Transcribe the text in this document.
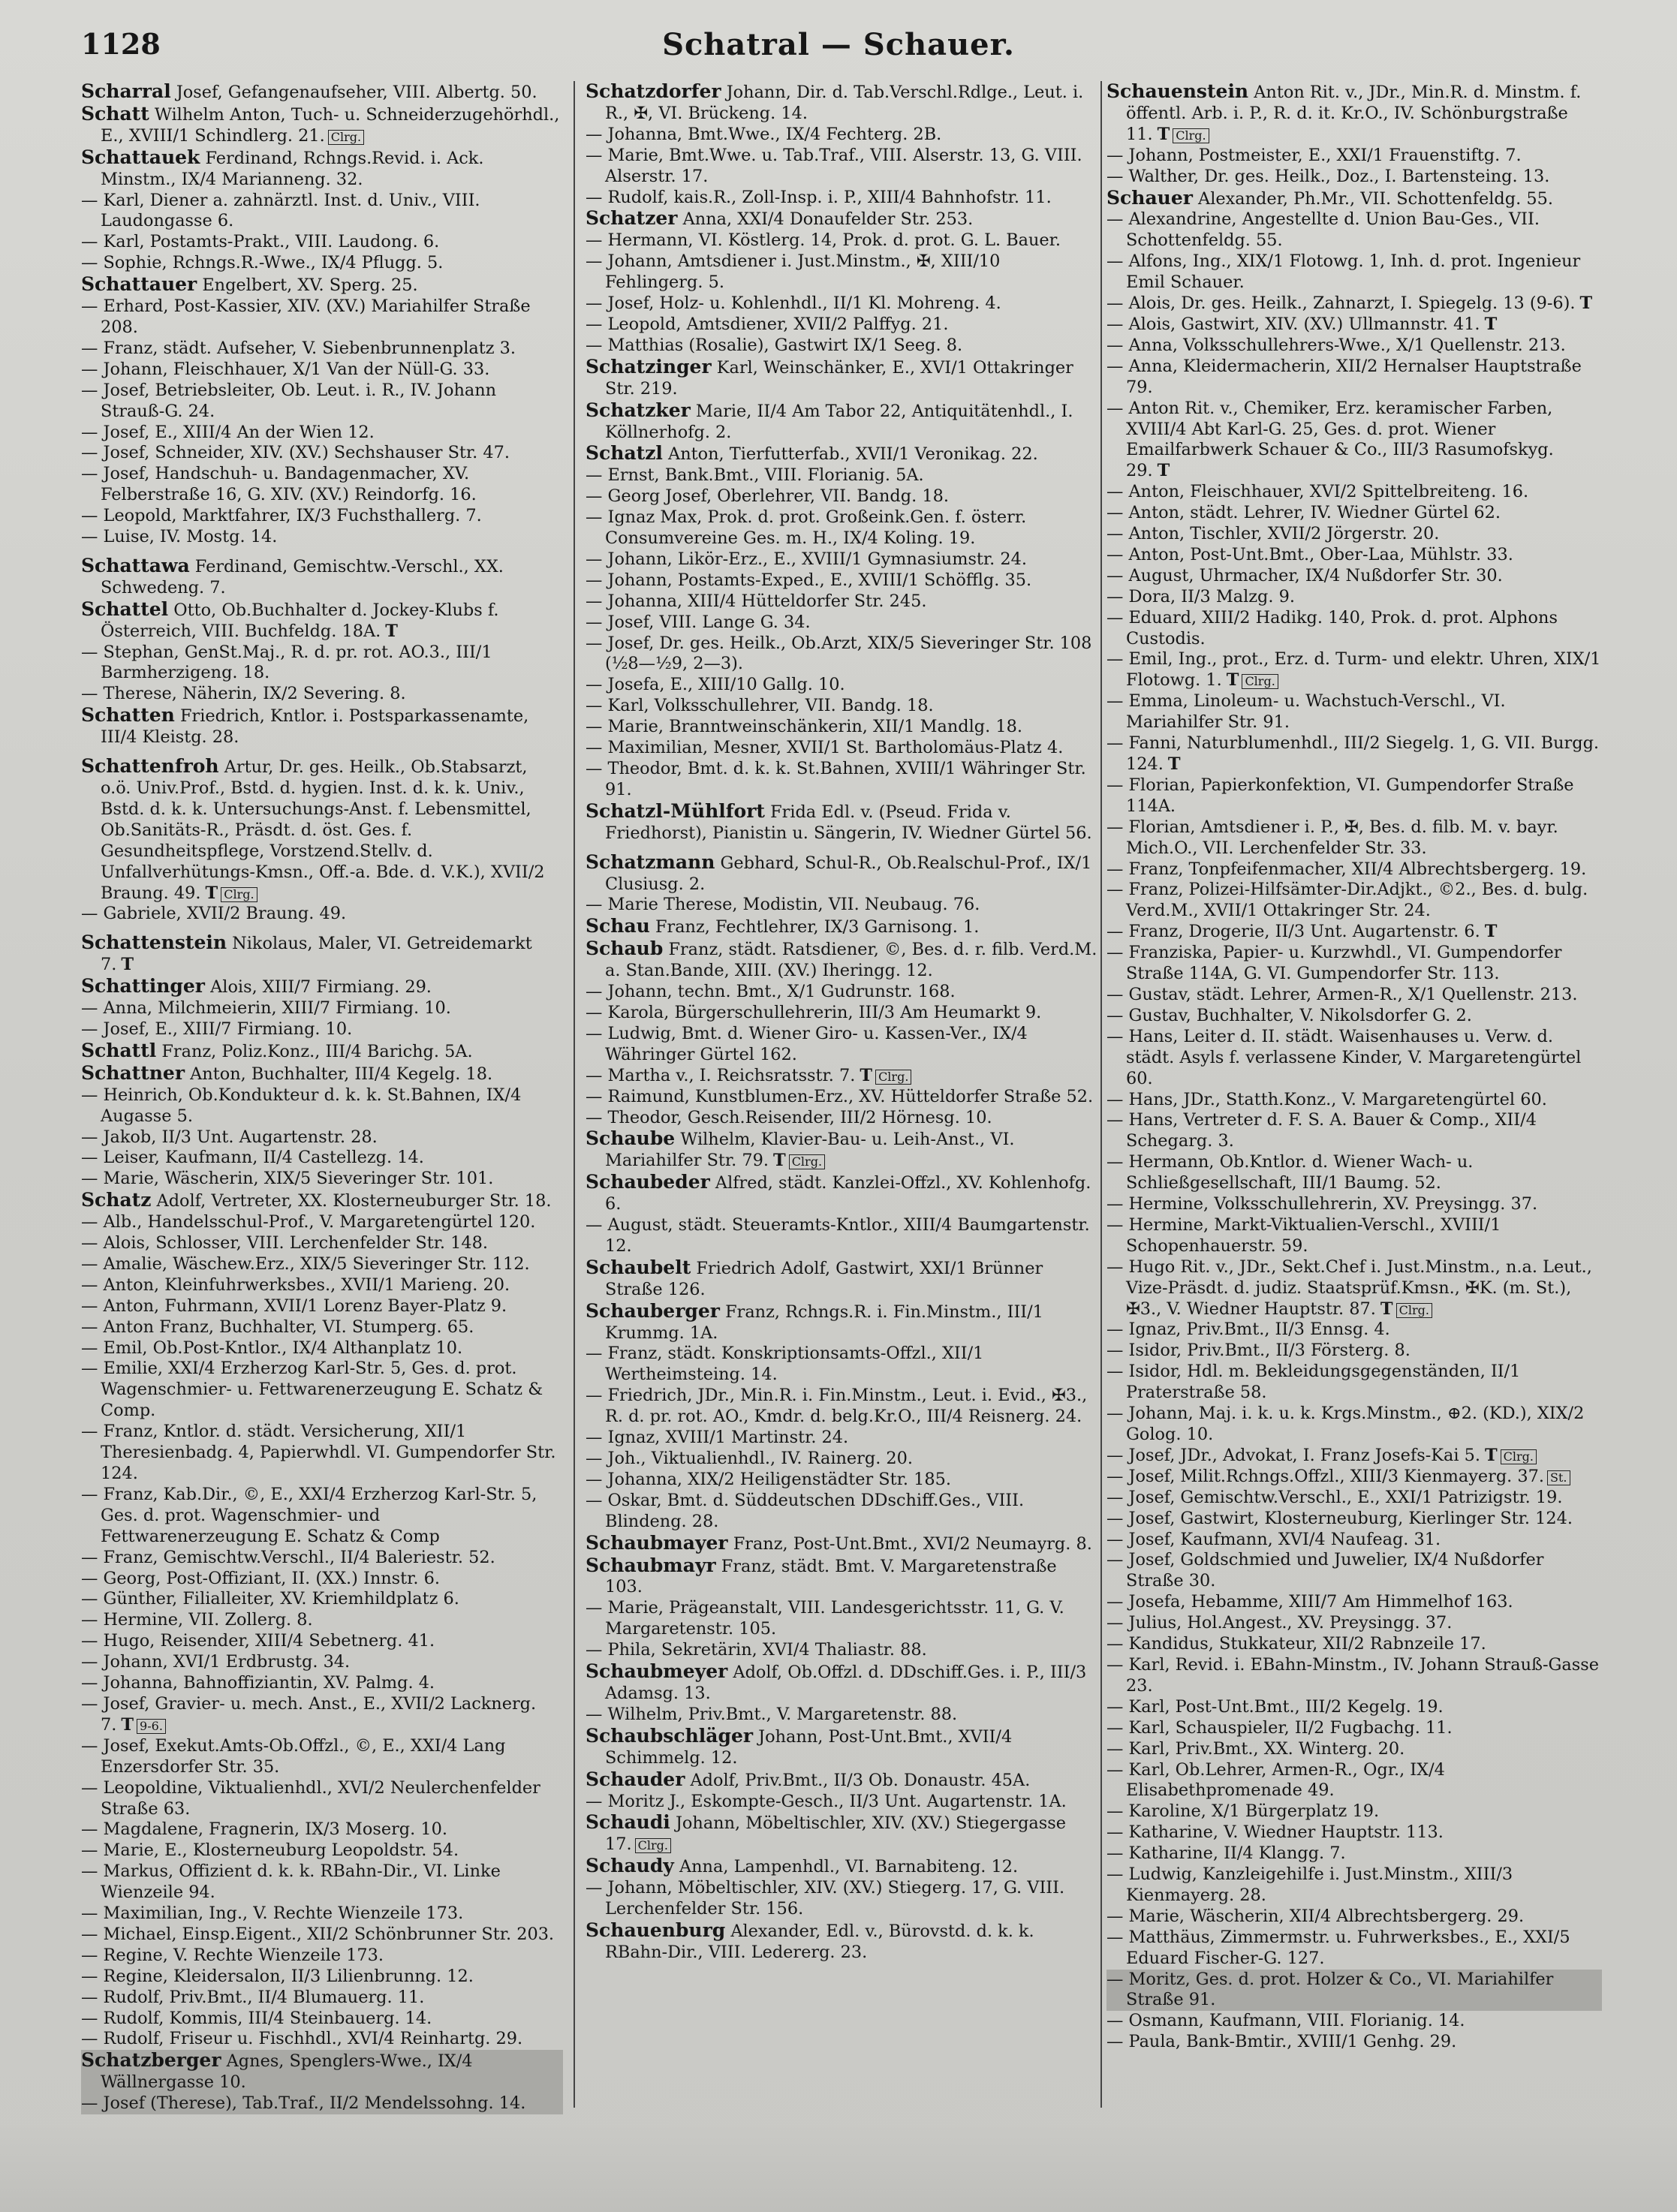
1128	Schatral — Schauer.
Scharral Josef, Gefangenaufseher, VIII. Albertg. 50.
Schatt Wilhelm Anton, Tuch- u. Schneiderzugehörhdl., E., XVIII/1 Schindlerg. 21. Clrg.
Schattauek Ferdinand, Rchngs.Revid. i. Ack. Minstm., IX/4 Marianneng. 32.
— Karl, Diener a. zahnärztl. Inst. d. Univ., VIII. Laudongasse 6.
— Karl, Postamts-Prakt., VIII. Laudong. 6.
— Sophie, Rchngs.R.-Wwe., IX/4 Pflugg. 5.
Schattauer Engelbert, XV. Sperg. 25.
— Erhard, Post-Kassier, XIV. (XV.) Mariahilfer Straße 208.
— Franz, städt. Aufseher, V. Siebenbrunnenplatz 3.
— Johann, Fleischhauer, X/1 Van der Nüll-G. 33.
— Josef, Betriebsleiter, Ob. Leut. i. R., IV. Johann Strauß-G. 24.
— Josef, E., XIII/4 An der Wien 12.
— Josef, Schneider, XIV. (XV.) Sechshauser Str. 47.
— Josef, Handschuh- u. Bandagenmacher, XV. Felberstraße 16, G. XIV. (XV.) Reindorfg. 16.
— Leopold, Marktfahrer, IX/3 Fuchsthallerg. 7.
— Luise, IV. Mostg. 14.
Schattawa Ferdinand, Gemischtw.-Verschl., XX. Schwedeng. 7.
Schattel Otto, Ob.Buchhalter d. Jockey-Klubs f. Österreich, VIII. Buchfeldg. 18A. T
— Stephan, GenSt.Maj., R. d. pr. rot. AO.3., III/1 Barmherzigeng. 18.
— Therese, Näherin, IX/2 Severing. 8.
Schatten Friedrich, Kntlor. i. Postsparkassenamte, III/4 Kleistg. 28.
Schattenfroh Artur, Dr. ges. Heilk., Ob.Stabsarzt, o.ö. Univ.Prof., Bstd. d. hygien. Inst. d. k. k. Univ., Bstd. d. k. k. Untersuchungs-Anst. f. Lebensmittel, Ob.Sanitäts-R., Präsdt. d. öst. Ges. f. Gesundheitspflege, Vorstzend.Stellv. d. Unfallverhütungs-Kmsn., Off.-a. Bde. d. V.K.), XVII/2 Braung. 49. T Clrg.
— Gabriele, XVII/2 Braung. 49.
Schattenstein Nikolaus, Maler, VI. Getreidemarkt 7. T
Schattinger Alois, XIII/7 Firmiang. 29.
— Anna, Milchmeierin, XIII/7 Firmiang. 10.
— Josef, E., XIII/7 Firmiang. 10.
Schattl Franz, Poliz.Konz., III/4 Barichg. 5A.
Schattner Anton, Buchhalter, III/4 Kegelg. 18.
— Heinrich, Ob.Kondukteur d. k. k. St.Bahnen, IX/4 Augasse 5.
— Jakob, II/3 Unt. Augartenstr. 28.
— Leiser, Kaufmann, II/4 Castellezg. 14.
— Marie, Wäscherin, XIX/5 Sieveringer Str. 101.
Schatz Adolf, Vertreter, XX. Klosterneuburger Str. 18.
— Alb., Handelsschul-Prof., V. Margaretengürtel 120.
— Alois, Schlosser, VIII. Lerchenfelder Str. 148.
— Amalie, Wäschew.Erz., XIX/5 Sieveringer Str. 112.
— Anton, Kleinfuhrwerksbes., XVII/1 Marieng. 20.
— Anton, Fuhrmann, XVII/1 Lorenz Bayer-Platz 9.
— Anton Franz, Buchhalter, VI. Stumperg. 65.
— Emil, Ob.Post-Kntlor., IX/4 Althanplatz 10.
— Emilie, XXI/4 Erzherzog Karl-Str. 5, Ges. d. prot. Wagenschmier- u. Fettwarenerzeugung E. Schatz & Comp.
— Franz, Kntlor. d. städt. Versicherung, XII/1 Theresienbadg. 4, Papierwhdl. VI. Gumpendorfer Str. 124.
— Franz, Kab.Dir., ©, E., XXI/4 Erzherzog Karl-Str. 5, Ges. d. prot. Wagenschmier- und Fettwarenerzeugung E. Schatz & Comp
— Franz, Gemischtw.Verschl., II/4 Baleriestr. 52.
— Georg, Post-Offiziant, II. (XX.) Innstr. 6.
— Günther, Filialleiter, XV. Kriemhildplatz 6.
— Hermine, VII. Zollerg. 8.
— Hugo, Reisender, XIII/4 Sebetnerg. 41.
— Johann, XVI/1 Erdbrustg. 34.
— Johanna, Bahnoffiziantin, XV. Palmg. 4.
— Josef, Gravier- u. mech. Anst., E., XVII/2 Lacknerg. 7. T 9-6.
— Josef, Exekut.Amts-Ob.Offzl., ©, E., XXI/4 Lang Enzersdorfer Str. 35.
— Leopoldine, Viktualienhdl., XVI/2 Neulerchenfelder Straße 63.
— Magdalene, Fragnerin, IX/3 Moserg. 10.
— Marie, E., Klosterneuburg Leopoldstr. 54.
— Markus, Offizient d. k. k. RBahn-Dir., VI. Linke Wienzeile 94.
— Maximilian, Ing., V. Rechte Wienzeile 173.
— Michael, Einsp.Eigent., XII/2 Schönbrunner Str. 203.
— Regine, V. Rechte Wienzeile 173.
— Regine, Kleidersalon, II/3 Lilienbrunng. 12.
— Rudolf, Priv.Bmt., II/4 Blumauerg. 11.
— Rudolf, Kommis, III/4 Steinbauerg. 14.
— Rudolf, Friseur u. Fischhdl., XVI/4 Reinhartg. 29.
Schatzberger Agnes, Spenglers-Wwe., IX/4 Wällnergasse 10.
— Josef (Therese), Tab.Traf., II/2 Mendelssohng. 14.
Schatzdorfer Johann, Dir. d. Tab.Verschl.Rdlge., Leut. i. R., ✠, VI. Brückeng. 14.
— Johanna, Bmt.Wwe., IX/4 Fechterg. 2B.
— Marie, Bmt.Wwe. u. Tab.Traf., VIII. Alserstr. 13, G. VIII. Alserstr. 17.
— Rudolf, kais.R., Zoll-Insp. i. P., XIII/4 Bahnhofstr. 11.
Schatzer Anna, XXI/4 Donaufelder Str. 253.
— Hermann, VI. Köstlerg. 14, Prok. d. prot. G. L. Bauer.
— Johann, Amtsdiener i. Just.Minstm., ✠, XIII/10 Fehlingerg. 5.
— Josef, Holz- u. Kohlenhdl., II/1 Kl. Mohreng. 4.
— Leopold, Amtsdiener, XVII/2 Palffyg. 21.
— Matthias (Rosalie), Gastwirt IX/1 Seeg. 8.
Schatzinger Karl, Weinschänker, E., XVI/1 Ottakringer Str. 219.
Schatzker Marie, II/4 Am Tabor 22, Antiquitätenhdl., I. Köllnerhofg. 2.
Schatzl Anton, Tierfutterfab., XVII/1 Veronikag. 22.
— Ernst, Bank.Bmt., VIII. Florianig. 5A.
— Georg Josef, Oberlehrer, VII. Bandg. 18.
— Ignaz Max, Prok. d. prot. Großeink.Gen. f. österr. Consumvereine Ges. m. H., IX/4 Koling. 19.
— Johann, Likör-Erz., E., XVIII/1 Gymnasiumstr. 24.
— Johann, Postamts-Exped., E., XVIII/1 Schöfflg. 35.
— Johanna, XIII/4 Hütteldorfer Str. 245.
— Josef, VIII. Lange G. 34.
— Josef, Dr. ges. Heilk., Ob.Arzt, XIX/5 Sieveringer Str. 108 (½8—½9, 2—3).
— Josefa, E., XIII/10 Gallg. 10.
— Karl, Volksschullehrer, VII. Bandg. 18.
— Marie, Branntweinschänkerin, XII/1 Mandlg. 18.
— Maximilian, Mesner, XVII/1 St. Bartholomäus-Platz 4.
— Theodor, Bmt. d. k. k. St.Bahnen, XVIII/1 Währinger Str. 91.
Schatzl-Mühlfort Frida Edl. v. (Pseud. Frida v. Friedhorst), Pianistin u. Sängerin, IV. Wiedner Gürtel 56.
Schatzmann Gebhard, Schul-R., Ob.Realschul-Prof., IX/1 Clusiusg. 2.
— Marie Therese, Modistin, VII. Neubaug. 76.
Schau Franz, Fechtlehrer, IX/3 Garnisong. 1.
Schaub Franz, städt. Ratsdiener, ©, Bes. d. r. filb. Verd.M. a. Stan.Bande, XIII. (XV.) Iheringg. 12.
— Johann, techn. Bmt., X/1 Gudrunstr. 168.
— Karola, Bürgerschullehrerin, III/3 Am Heumarkt 9.
— Ludwig, Bmt. d. Wiener Giro- u. Kassen-Ver., IX/4 Währinger Gürtel 162.
— Martha v., I. Reichsratsstr. 7. T Clrg.
— Raimund, Kunstblumen-Erz., XV. Hütteldorfer Straße 52.
— Theodor, Gesch.Reisender, III/2 Hörnesg. 10.
Schaube Wilhelm, Klavier-Bau- u. Leih-Anst., VI. Mariahilfer Str. 79. T Clrg.
Schaubeder Alfred, städt. Kanzlei-Offzl., XV. Kohlenhofg. 6.
— August, städt. Steueramts-Kntlor., XIII/4 Baumgartenstr. 12.
Schaubelt Friedrich Adolf, Gastwirt, XXI/1 Brünner Straße 126.
Schauberger Franz, Rchngs.R. i. Fin.Minstm., III/1 Krummg. 1A.
— Franz, städt. Konskriptionsamts-Offzl., XII/1 Wertheimsteing. 14.
— Friedrich, JDr., Min.R. i. Fin.Minstm., Leut. i. Evid., ✠3., R. d. pr. rot. AO., Kmdr. d. belg.Kr.O., III/4 Reisnerg. 24.
— Ignaz, XVIII/1 Martinstr. 24.
— Joh., Viktualienhdl., IV. Rainerg. 20.
— Johanna, XIX/2 Heiligenstädter Str. 185.
— Oskar, Bmt. d. Süddeutschen DDschiff.Ges., VIII. Blindeng. 28.
Schaubmayer Franz, Post-Unt.Bmt., XVI/2 Neumayrg. 8.
Schaubmayr Franz, städt. Bmt. V. Margaretenstraße 103.
— Marie, Prägeanstalt, VIII. Landesgerichtsstr. 11, G. V. Margaretenstr. 105.
— Phila, Sekretärin, XVI/4 Thaliastr. 88.
Schaubmeyer Adolf, Ob.Offzl. d. DDschiff.Ges. i. P., III/3 Adamsg. 13.
— Wilhelm, Priv.Bmt., V. Margaretenstr. 88.
Schaubschläger Johann, Post-Unt.Bmt., XVII/4 Schimmelg. 12.
Schauder Adolf, Priv.Bmt., II/3 Ob. Donaustr. 45A.
— Moritz J., Eskompte-Gesch., II/3 Unt. Augartenstr. 1A.
Schaudi Johann, Möbeltischler, XIV. (XV.) Stiegergasse 17. Clrg.
Schaudy Anna, Lampenhdl., VI. Barnabiteng. 12.
— Johann, Möbeltischler, XIV. (XV.) Stiegerg. 17, G. VIII. Lerchenfelder Str. 156.
Schauenburg Alexander, Edl. v., Bürovstd. d. k. k. RBahn-Dir., VIII. Ledererg. 23.
Schauenstein Anton Rit. v., JDr., Min.R. d. Minstm. f. öffentl. Arb. i. P., R. d. it. Kr.O., IV. Schönburgstraße 11. T Clrg.
— Johann, Postmeister, E., XXI/1 Frauenstiftg. 7.
— Walther, Dr. ges. Heilk., Doz., I. Bartensteing. 13.
Schauer Alexander, Ph.Mr., VII. Schottenfeldg. 55.
— Alexandrine, Angestellte d. Union Bau-Ges., VII. Schottenfeldg. 55.
— Alfons, Ing., XIX/1 Flotowg. 1, Inh. d. prot. Ingenieur Emil Schauer.
— Alois, Dr. ges. Heilk., Zahnarzt, I. Spiegelg. 13 (9-6). T
— Alois, Gastwirt, XIV. (XV.) Ullmannstr. 41. T
— Anna, Volksschullehrers-Wwe., X/1 Quellenstr. 213.
— Anna, Kleidermacherin, XII/2 Hernalser Hauptstraße 79.
— Anton Rit. v., Chemiker, Erz. keramischer Farben, XVIII/4 Abt Karl-G. 25, Ges. d. prot. Wiener Emailfarbwerk Schauer & Co., III/3 Rasumofskyg. 29. T
— Anton, Fleischhauer, XVI/2 Spittelbreiteng. 16.
— Anton, städt. Lehrer, IV. Wiedner Gürtel 62.
— Anton, Tischler, XVII/2 Jörgerstr. 20.
— Anton, Post-Unt.Bmt., Ober-Laa, Mühlstr. 33.
— August, Uhrmacher, IX/4 Nußdorfer Str. 30.
— Dora, II/3 Malzg. 9.
— Eduard, XIII/2 Hadikg. 140, Prok. d. prot. Alphons Custodis.
— Emil, Ing., prot., Erz. d. Turm- und elektr. Uhren, XIX/1 Flotowg. 1. T Clrg.
— Emma, Linoleum- u. Wachstuch-Verschl., VI. Mariahilfer Str. 91.
— Fanni, Naturblumenhdl., III/2 Siegelg. 1, G. VII. Burgg. 124. T
— Florian, Papierkonfektion, VI. Gumpendorfer Straße 114A.
— Florian, Amtsdiener i. P., ✠, Bes. d. filb. M. v. bayr. Mich.O., VII. Lerchenfelder Str. 33.
— Franz, Tonpfeifenmacher, XII/4 Albrechtsbergerg. 19.
— Franz, Polizei-Hilfsämter-Dir.Adjkt., ©2., Bes. d. bulg. Verd.M., XVII/1 Ottakringer Str. 24.
— Franz, Drogerie, II/3 Unt. Augartenstr. 6. T
— Franziska, Papier- u. Kurzwhdl., VI. Gumpendorfer Straße 114A, G. VI. Gumpendorfer Str. 113.
— Gustav, städt. Lehrer, Armen-R., X/1 Quellenstr. 213.
— Gustav, Buchhalter, V. Nikolsdorfer G. 2.
— Hans, Leiter d. II. städt. Waisenhauses u. Verw. d. städt. Asyls f. verlassene Kinder, V. Margaretengürtel 60.
— Hans, JDr., Statth.Konz., V. Margaretengürtel 60.
— Hans, Vertreter d. F. S. A. Bauer & Comp., XII/4 Schegarg. 3.
— Hermann, Ob.Kntlor. d. Wiener Wach- u. Schließgesellschaft, III/1 Baumg. 52.
— Hermine, Volksschullehrerin, XV. Preysingg. 37.
— Hermine, Markt-Viktualien-Verschl., XVIII/1 Schopenhauerstr. 59.
— Hugo Rit. v., JDr., Sekt.Chef i. Just.Minstm., n.a. Leut., Vize-Präsdt. d. judiz. Staatsprüf.Kmsn., ✠K. (m. St.), ✠3., V. Wiedner Hauptstr. 87. T Clrg.
— Ignaz, Priv.Bmt., II/3 Ennsg. 4.
— Isidor, Priv.Bmt., II/3 Försterg. 8.
— Isidor, Hdl. m. Bekleidungsgegenständen, II/1 Praterstraße 58.
— Johann, Maj. i. k. u. k. Krgs.Minstm., ⊕2. (KD.), XIX/2 Golog. 10.
— Josef, JDr., Advokat, I. Franz Josefs-Kai 5. T Clrg.
— Josef, Milit.Rchngs.Offzl., XIII/3 Kienmayerg. 37. St.
— Josef, Gemischtw.Verschl., E., XXI/1 Patrizigstr. 19.
— Josef, Gastwirt, Klosterneuburg, Kierlinger Str. 124.
— Josef, Kaufmann, XVI/4 Naufeag. 31.
— Josef, Goldschmied und Juwelier, IX/4 Nußdorfer Straße 30.
— Josefa, Hebamme, XIII/7 Am Himmelhof 163.
— Julius, Hol.Angest., XV. Preysingg. 37.
— Kandidus, Stukkateur, XII/2 Rabnzeile 17.
— Karl, Revid. i. EBahn-Minstm., IV. Johann Strauß-Gasse 23.
— Karl, Post-Unt.Bmt., III/2 Kegelg. 19.
— Karl, Schauspieler, II/2 Fugbachg. 11.
— Karl, Priv.Bmt., XX. Winterg. 20.
— Karl, Ob.Lehrer, Armen-R., Ogr., IX/4 Elisabethpromenade 49.
— Karoline, X/1 Bürgerplatz 19.
— Katharine, V. Wiedner Hauptstr. 113.
— Katharine, II/4 Klangg. 7.
— Ludwig, Kanzleigehilfe i. Just.Minstm., XIII/3 Kienmayerg. 28.
— Marie, Wäscherin, XII/4 Albrechtsbergerg. 29.
— Matthäus, Zimmermstr. u. Fuhrwerksbes., E., XXI/5 Eduard Fischer-G. 127.
— Moritz, Ges. d. prot. Holzer & Co., VI. Mariahilfer Straße 91.
— Osmann, Kaufmann, VIII. Florianig. 14.
— Paula, Bank-Bmtir., XVIII/1 Genhg. 29.
